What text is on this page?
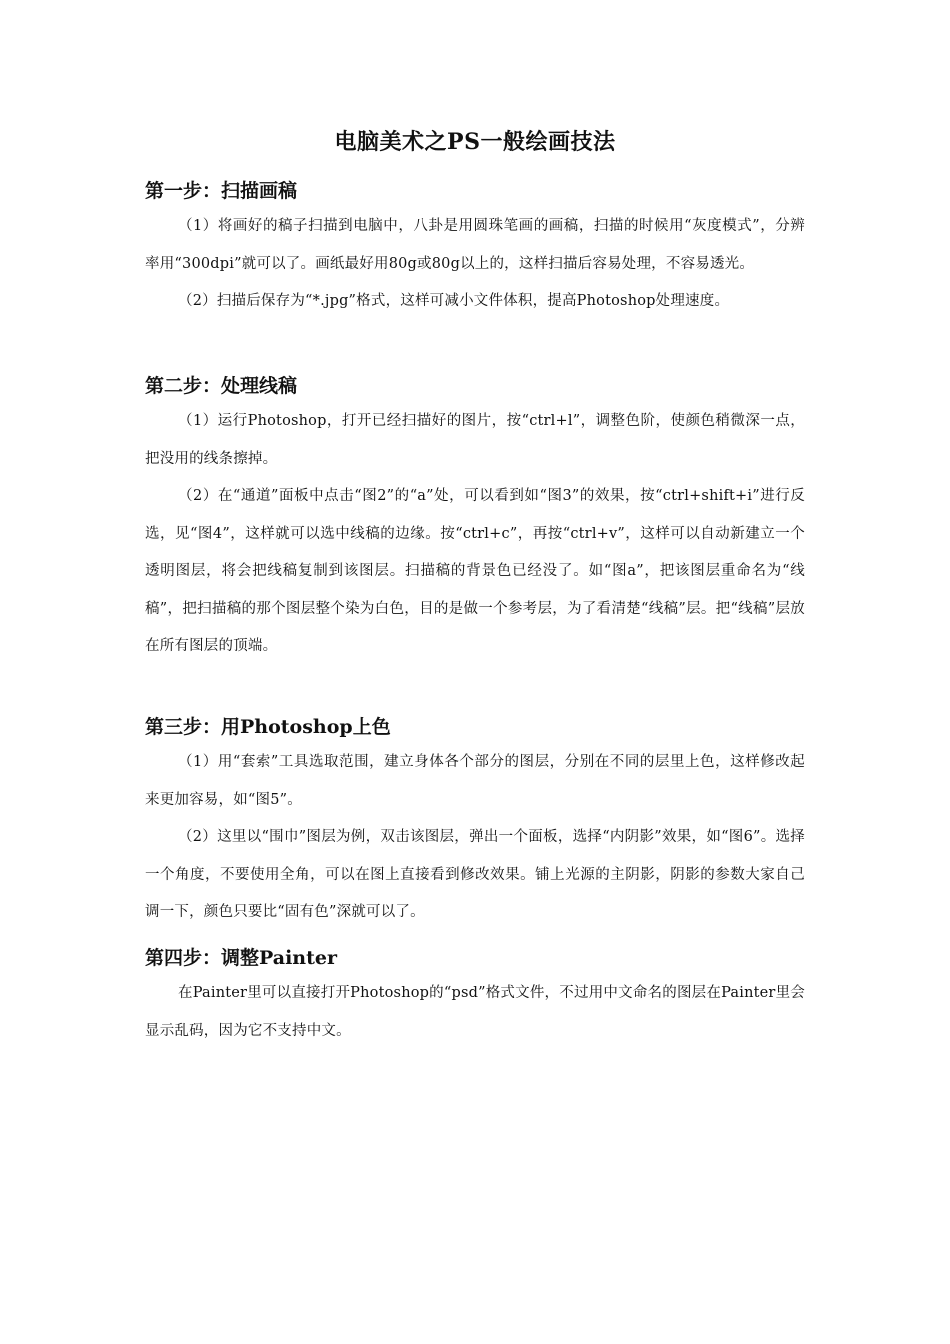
电脑美术之PS一般绘画技法
第一步：扫描画稿

（1）将画好的稿子扫描到电脑中，八卦是用圆珠笔画的画稿，扫描的时候用“灰度模式”，分辨率用“300dpi”就可以了。画纸最好用80g或80g以上的，这样扫描后容易处理，不容易透光。

（2）扫描后保存为“*.jpg”格式，这样可减小文件体积，提高Photoshop处理速度。

第二步：处理线稿

（1）运行Photoshop，打开已经扫描好的图片，按“ctrl+l”，调整色阶，使颜色稍微深一点，把没用的线条擦掉。

（2）在“通道”面板中点击“图2”的“a”处，可以看到如“图3”的效果，按“ctrl+shift+i”进行反选，见“图4”，这样就可以选中线稿的边缘。按“ctrl+c”，再按“ctrl+v”，这样可以自动新建立一个透明图层，将会把线稿复制到该图层。扫描稿的背景色已经没了。如“图a”，把该图层重命名为“线稿”，把扫描稿的那个图层整个染为白色，目的是做一个参考层，为了看清楚“线稿”层。把“线稿”层放在所有图层的顶端。

第三步：用Photoshop上色

（1）用“套索”工具选取范围，建立身体各个部分的图层，分别在不同的层里上色，这样修改起来更加容易，如“图5”。

（2）这里以“围巾”图层为例，双击该图层，弹出一个面板，选择“内阴影”效果，如“图6”。选择一个角度，不要使用全角，可以在图上直接看到修改效果。铺上光源的主阴影，阴影的参数大家自己调一下，颜色只要比“固有色”深就可以了。

第四步：调整Painter

在Painter里可以直接打开Photoshop的“psd”格式文件，不过用中文命名的图层在Painter里会显示乱码，因为它不支持中文。
